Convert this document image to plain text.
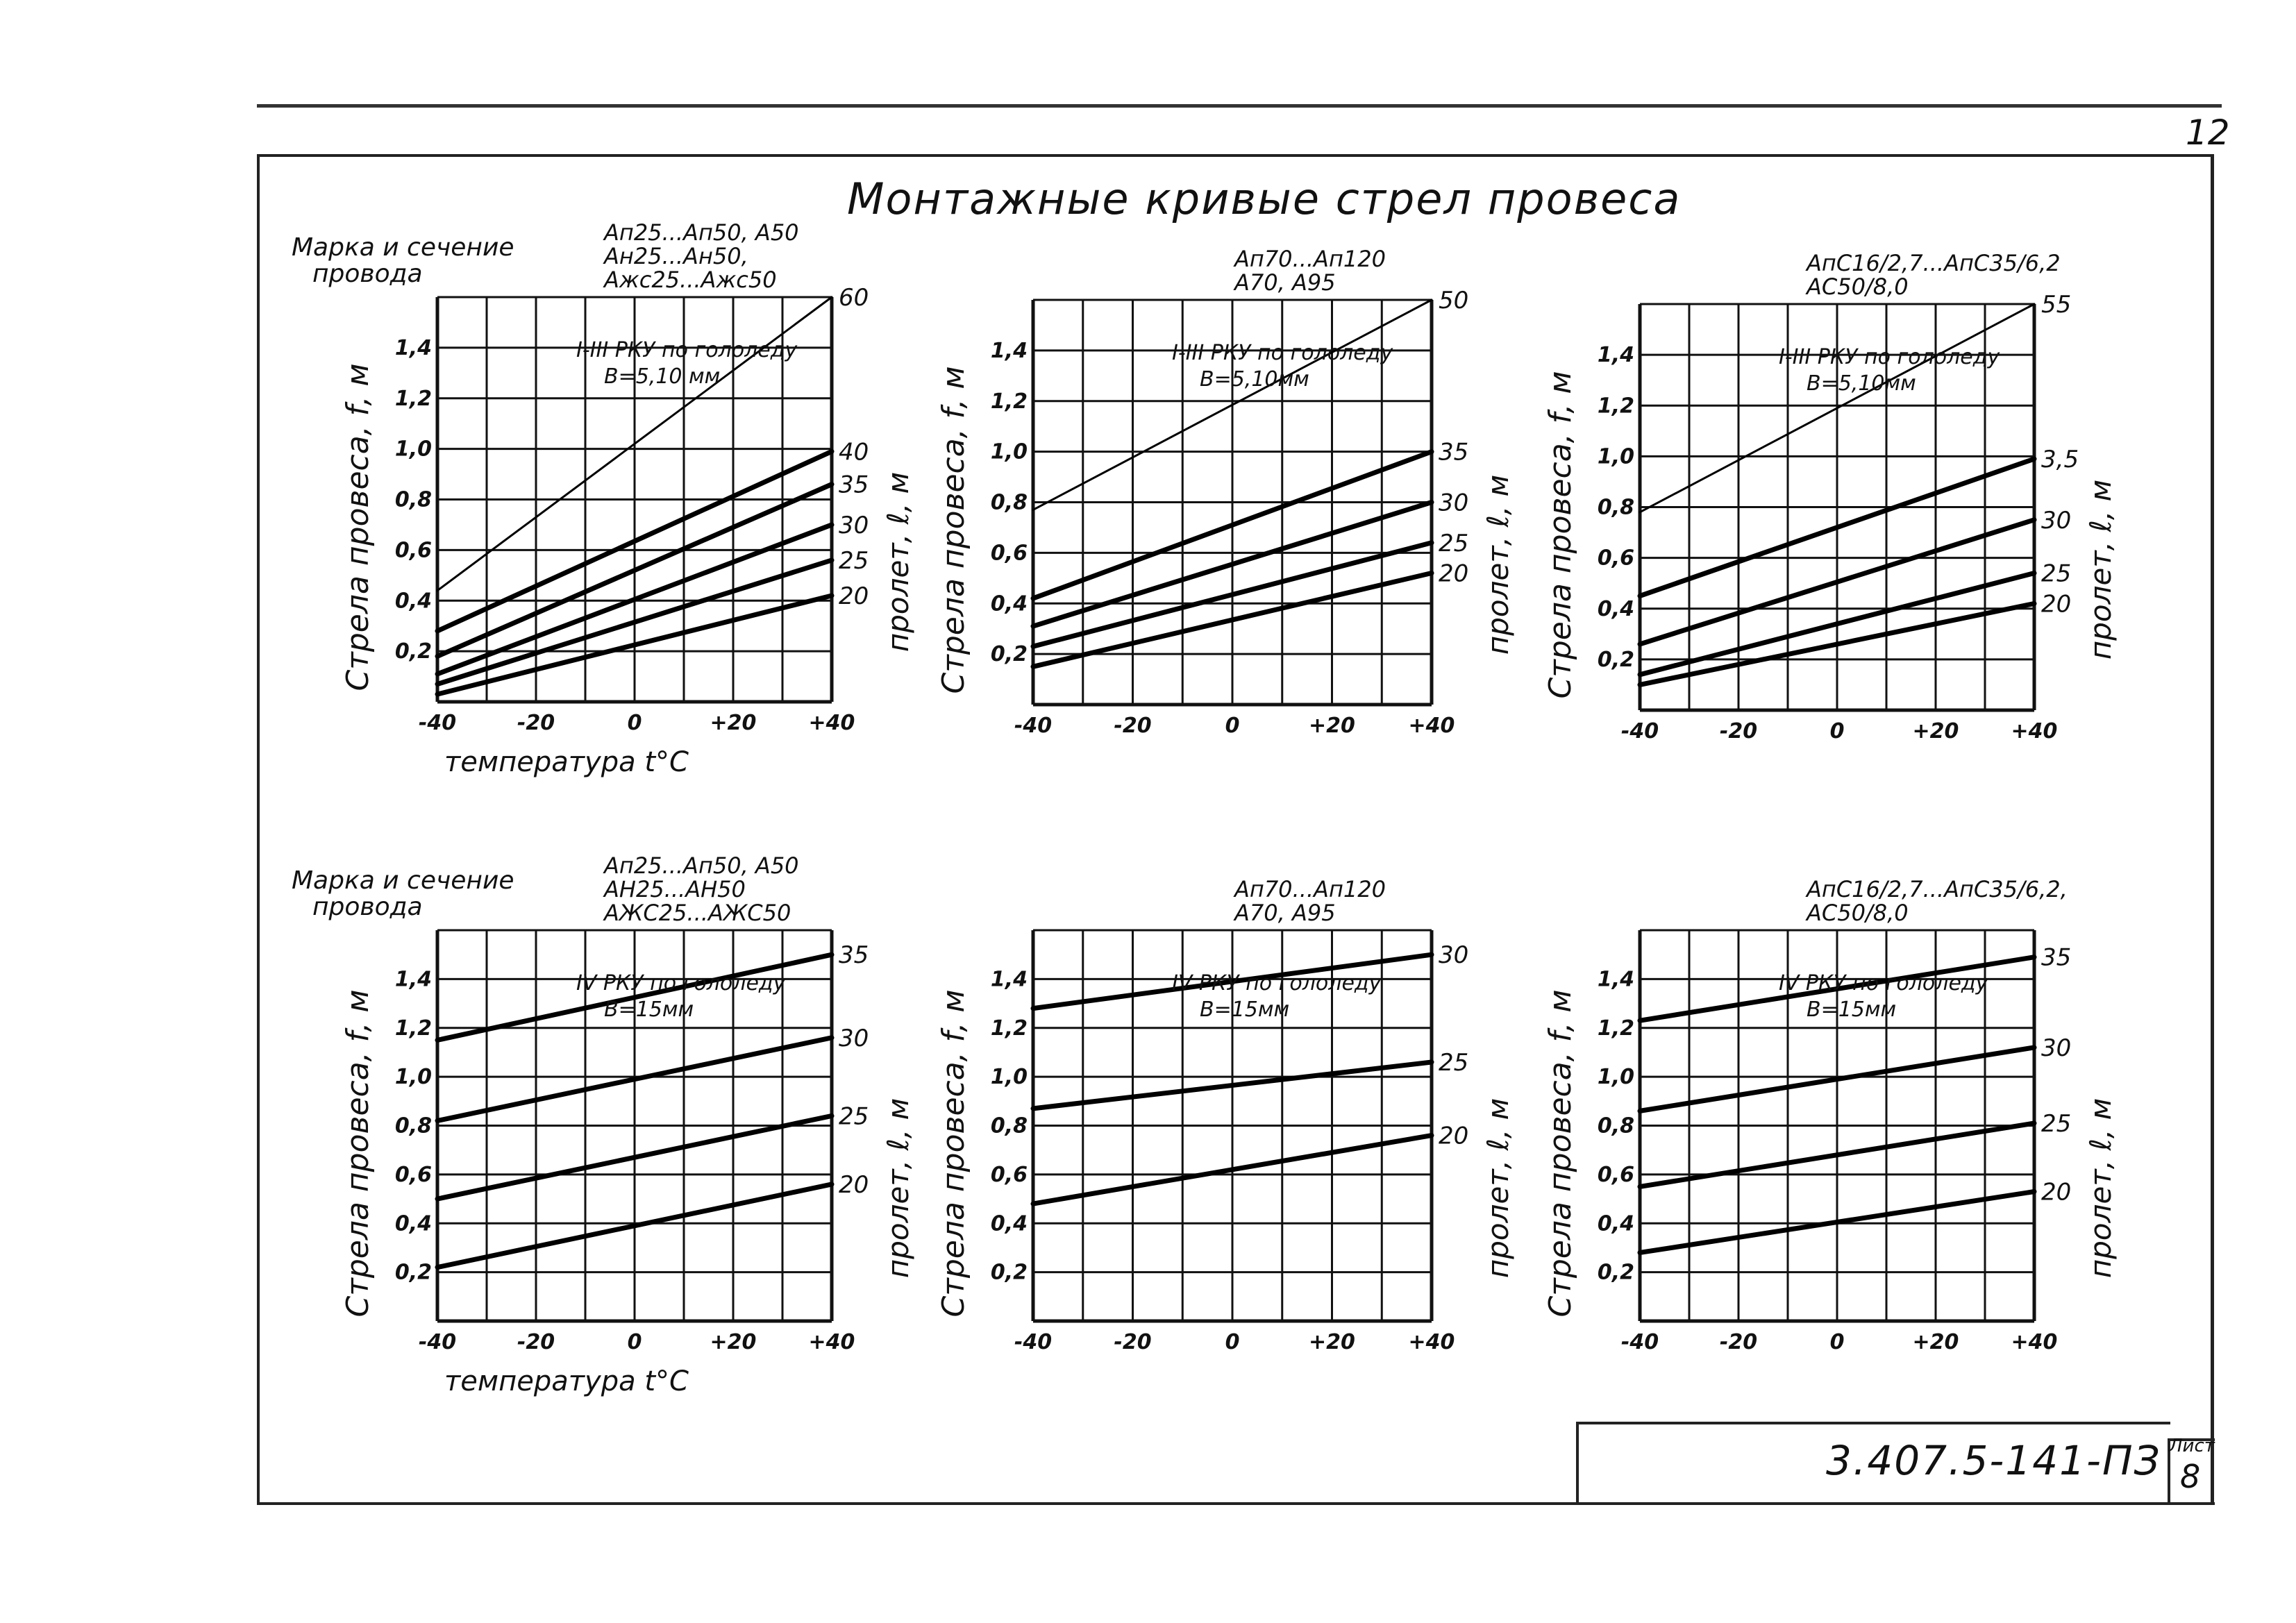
12
Монтажные кривые стрел провеса
3.407.5-141-ПЗ Лист
8
0,2
0,4
0,6
0,8
1,0
1,2
1,4
-40	-20	0	+20	+40
60
40
35
30
25
20
Стрела провеса, f, м	пролет, ℓ, м
температура t°C
I-III РКУ по гололеду
В=5,10 мм
Марка и сечение
провода
Ап25...Ап50, А50
Ан25...Ан50,
Ажс25...Ажс50
0,2
0,4
0,6
0,8
1,0
1,2
1,4
-40	-20	0	+20	+40
50
35
30
25
20
Стрела провеса, f, м	пролет, ℓ, м
I-III РКУ по гололеду
В=5,10мм
Ап70...Ап120
А70, А95
0,2
0,4
0,6
0,8
1,0
1,2
1,4
-40	-20	0	+20	+40
55
3,5
30
25
20
Стрела провеса, f, м	пролет, ℓ, м
I-III РКУ по гололеду
В=5,10мм
АпС16/2,7...АпС35/6,2
АС50/8,0
0,2
0,4
0,6
0,8
1,0
1,2
1,4
-40	-20	0	+20	+40
35
30
25
20
Стрела провеса, f, м	пролет, ℓ, м
температура t°C
IV РКУ по гололеду
В=15мм
Марка и сечение
провода
Ап25...Ап50, А50
АН25...АН50
АЖС25...АЖС50
0,2
0,4
0,6
0,8
1,0
1,2
1,4
-40	-20	0	+20	+40
30
25
20
Стрела провеса, f, м	пролет, ℓ, м
IV РКУ по гололеду
В=15мм
Ап70...Ап120
А70, А95
0,2
0,4
0,6
0,8
1,0
1,2
1,4
-40	-20	0	+20	+40
35
30
25
20
Стрела провеса, f, м	пролет, ℓ, м
IV РКУ по гололеду
В=15мм
АпС16/2,7...АпС35/6,2,
АС50/8,0
